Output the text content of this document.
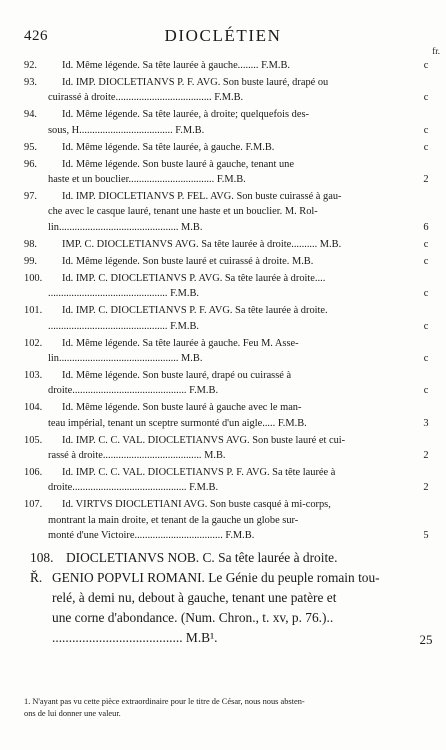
426	DIOCLÉTIEN
fr.
92.	Id. Même légende. Sa tête laurée à gauche........ F.M.B.	c
93.	Id. IMP. DIOCLETIANVS P. F. AVG. Son buste lauré, drapé ou
cuirassé à droite..................................... F.M.B.	c
94.	Id. Même légende. Sa tête laurée, à droite; quelquefois des-
sous, H.................................... F.M.B.	c
95.	Id. Même légende. Sa tête laurée, à gauche. F.M.B.	c
96.	Id. Même légende. Son buste lauré à gauche, tenant une
haste et un bouclier................................. F.M.B.	2
97.	Id. IMP. DIOCLETIANVS P. FEL. AVG. Son buste cuirassé à gau-
che avec le casque lauré, tenant une haste et un bouclier. M. Rol-
lin.............................................. M.B.	6
98.	IMP. C. DIOCLETIANVS AVG. Sa tête laurée à droite.......... M.B.	c
99.	Id. Même légende. Son buste lauré et cuirassé à droite. M.B.	c
100.	Id. IMP. C. DIOCLETIANVS P. AVG. Sa tête laurée à droite....
.............................................. F.M.B.	c
101.	Id. IMP. C. DIOCLETIANVS P. F. AVG. Sa tête laurée à droite.
.............................................. F.M.B.	c
102.	Id. Même légende. Sa tête laurée à gauche. Feu M. Asse-
lin.............................................. M.B.	c
103.	Id. Même légende. Son buste lauré, drapé ou cuirassé à
droite............................................ F.M.B.	c
104.	Id. Même légende. Son buste lauré à gauche avec le man-
teau impérial, tenant un sceptre surmonté d'un aigle..... F.M.B.	3
105.	Id. IMP. C. C. VAL. DIOCLETIANVS AVG. Son buste lauré et cui-
rassé à droite...................................... M.B.	2
106.	Id. IMP. C. C. VAL. DIOCLETIANVS P. F. AVG. Sa tête laurée à
droite............................................ F.M.B.	2
107.	Id. VIRTVS DIOCLETIANI AVG. Son buste casqué à mi-corps,
montrant la main droite, et tenant de la gauche un globe sur-
monté d'une Victoire.................................. F.M.B.	5
108. DIOCLETIANVS NOB. C. Sa tête laurée à droite.
Ř. GENIO POPVLI ROMANI. Le Génie du peuple romain tou-
relé, à demi nu, debout à gauche, tenant une patère et
une corne d'abondance. (Num. Chron., t. xv, p. 76.)..
....................................... M.B¹.	25
1. N'ayant pas vu cette pièce extraordinaire pour le titre de César, nous nous absten-
ons de lui donner une valeur.
